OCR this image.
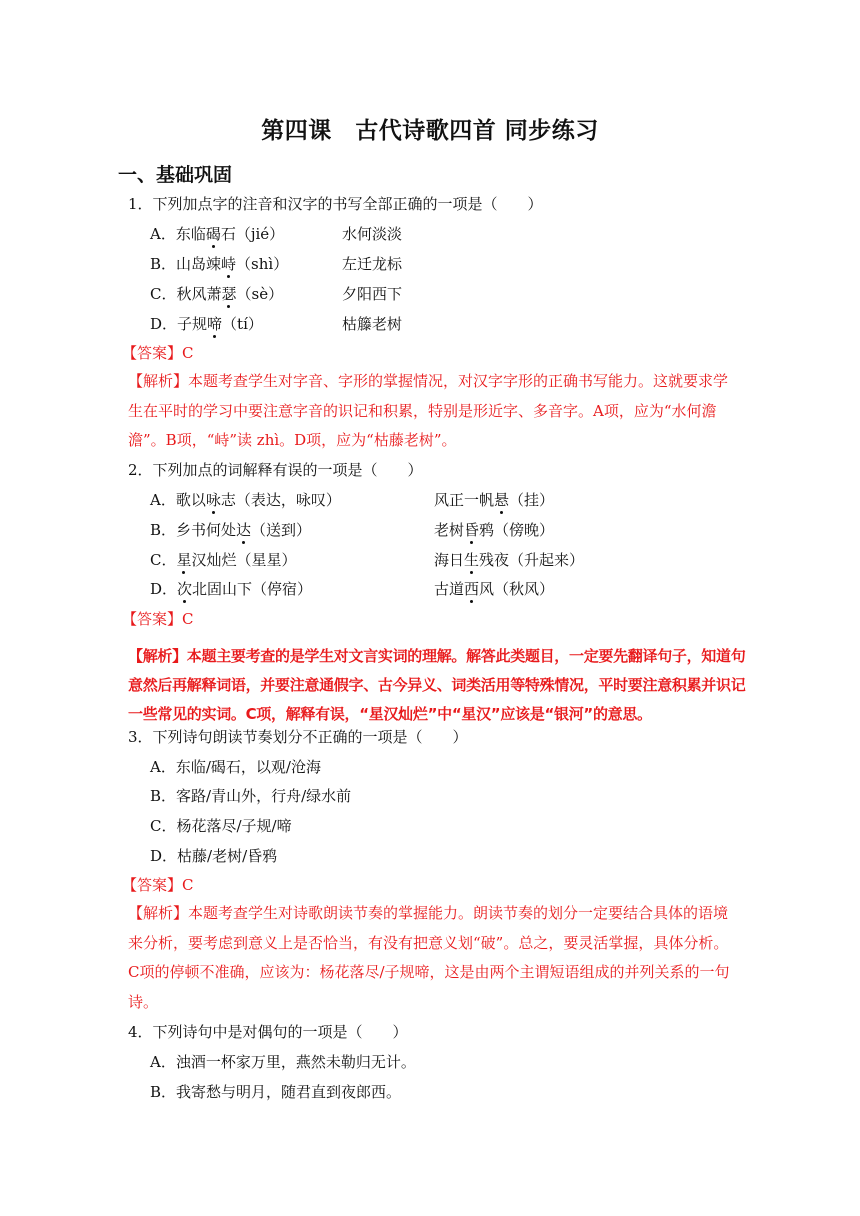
第四课　古代诗歌四首 同步练习
一、基础巩固
1．下列加点字的注音和汉字的书写全部正确的一项是（　　）
A．东临碣石（jié）	水何淡淡
B．山岛竦峙（shì）	左迁龙标
C．秋风萧瑟（sè）	夕阳西下
D．子规啼（tí）	枯籐老树
【答案】C
【解析】本题考查学生对字音、字形的掌握情况，对汉字字形的正确书写能力。这就要求学生在平时的学习中要注意字音的识记和积累，特别是形近字、多音字。A项，应为“水何澹澹”。B项，“峙”读 zhì。D项，应为“枯藤老树”。
2．下列加点的词解释有误的一项是（　　）
A．歌以咏志（表达，咏叹）	风正一帆悬（挂）
B．乡书何处达（送到）	老树昏鸦（傍晚）
C．星汉灿烂（星星）	海日生残夜（升起来）
D．次北固山下（停宿）	古道西风（秋风）
【答案】C
【解析】本题主要考查的是学生对文言实词的理解。解答此类题目，一定要先翻译句子，知道句意然后再解释词语，并要注意通假字、古今异义、词类活用等特殊情况，平时要注意积累并识记一些常见的实词。C项，解释有误，“星汉灿烂”中“星汉”应该是“银河”的意思。
3．下列诗句朗读节奏划分不正确的一项是（　　）
A．东临/碣石，以观/沧海
B．客路/青山外，行舟/绿水前
C．杨花落尽/子规/啼
D．枯藤/老树/昏鸦
【答案】C
【解析】本题考查学生对诗歌朗读节奏的掌握能力。朗读节奏的划分一定要结合具体的语境来分析，要考虑到意义上是否恰当，有没有把意义划“破”。总之，要灵活掌握，具体分析。C项的停顿不准确，应该为：杨花落尽/子规啼，这是由两个主谓短语组成的并列关系的一句诗。
4．下列诗句中是对偶句的一项是（　　）
A．浊酒一杯家万里，燕然未勒归无计。
B．我寄愁与明月，随君直到夜郎西。
